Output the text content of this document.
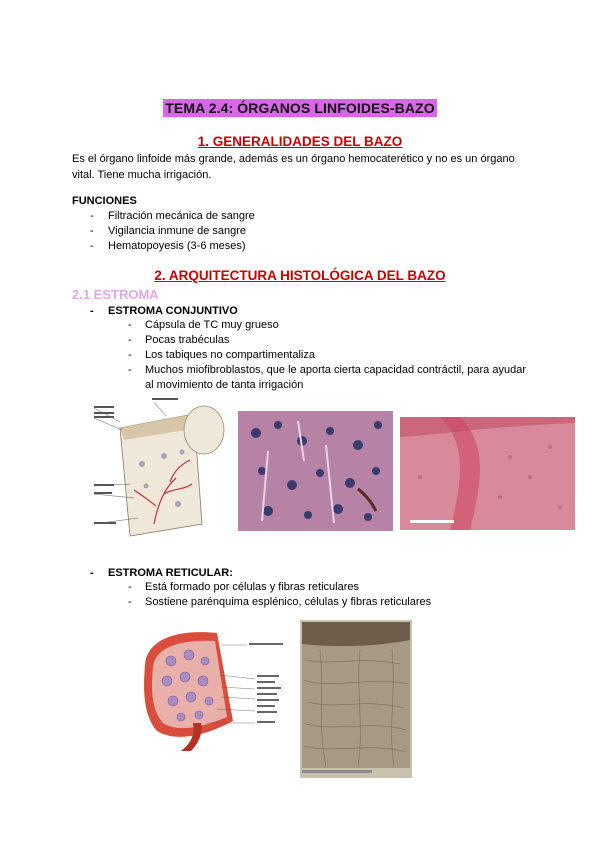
TEMA 2.4: ÓRGANOS LINFOIDES-BAZO
1. GENERALIDADES DEL BAZO
Es el órgano linfoide más grande, además es un órgano hemocaterético y no es un órgano vital. Tiene mucha irrigación.
FUNCIONES
- Filtración mecánica de sangre
- Vigilancia inmune de sangre
- Hematopoyesis (3-6 meses)
2. ARQUITECTURA HISTOLÓGICA DEL BAZO
2.1 ESTROMA
- ESTROMA CONJUNTIVO
- Cápsula de TC muy grueso
- Pocas trabéculas
- Los tabiques no compartimentaliza
- Muchos miofibroblastos, que le aporta cierta capacidad contráctil, para ayudar al movimiento de tanta irrigación
- ESTROMA RETICULAR:
- Está formado por células y fibras reticulares
- Sostiene parénquima esplénico, células y fibras reticulares
